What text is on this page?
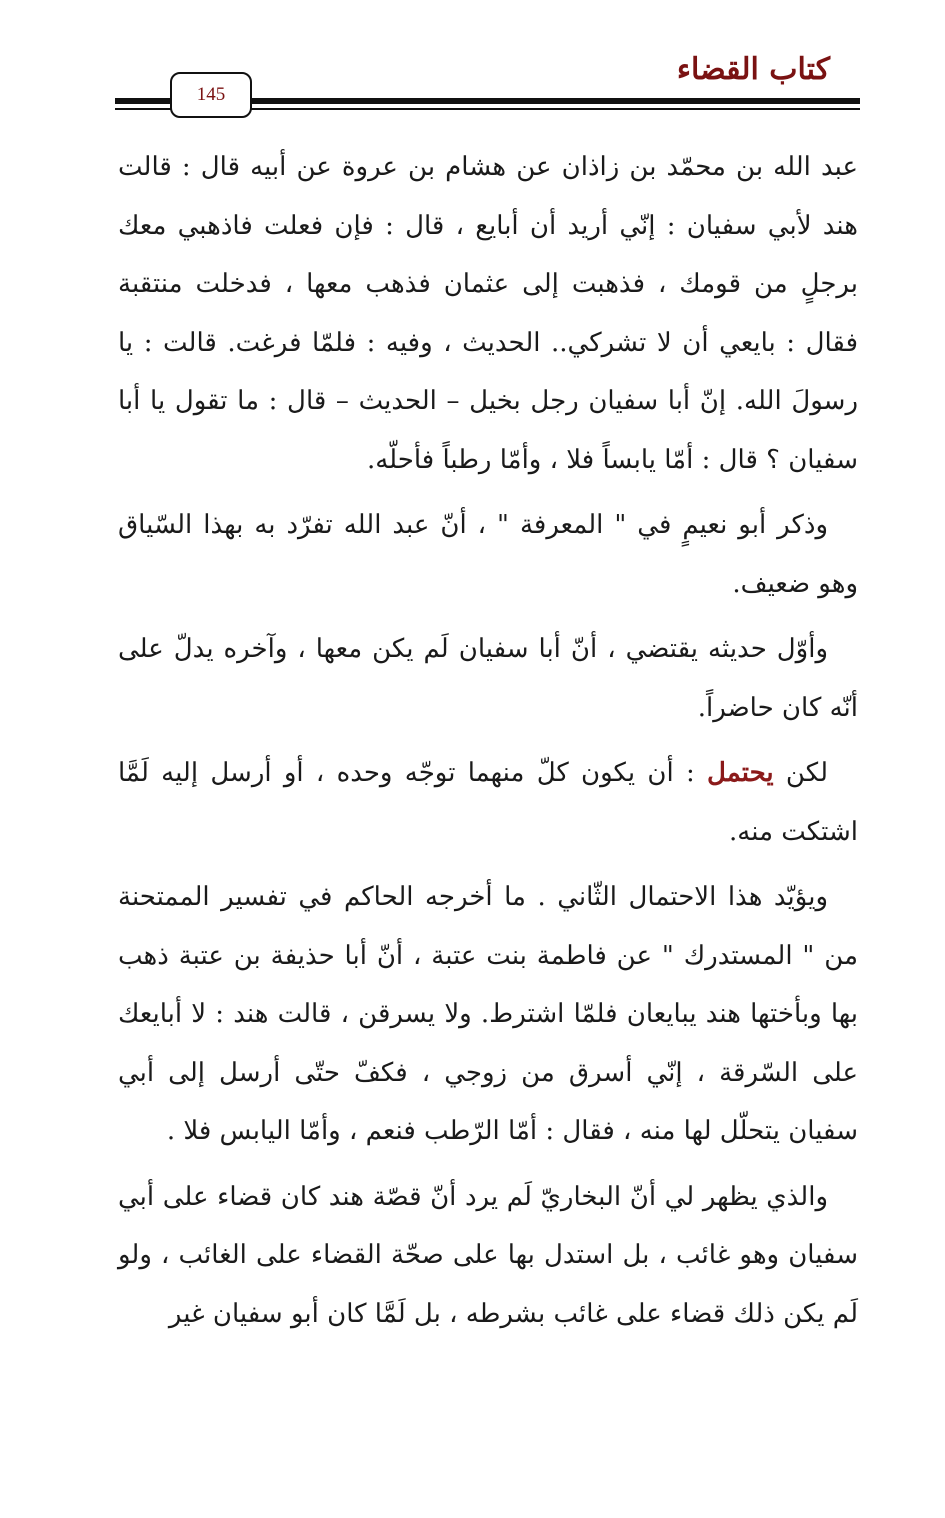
كتاب القضاء
145

عبد الله بن محمّد بن زاذان عن هشام بن عروة عن أبيه قال : قالت هند لأبي سفيان : إنّي أريد أن أبايع ، قال : فإن فعلت فاذهبي معك برجلٍ من قومك ، فذهبت إلى عثمان فذهب معها ، فدخلت منتقبة فقال : بايعي أن لا تشركي.. الحديث ، وفيه : فلمّا فرغت. قالت : يا رسولَ الله. إنّ أبا سفيان رجل بخيل – الحديث – قال : ما تقول يا أبا سفيان ؟ قال : أمّا يابساً فلا ، وأمّا رطباً فأحلّه.

وذكر أبو نعيمٍ في " المعرفة " ، أنّ عبد الله تفرّد به بهذا السّياق وهو ضعيف.

وأوّل حديثه يقتضي ، أنّ أبا سفيان لَم يكن معها ، وآخره يدلّ على أنّه كان حاضراً.

لكن يحتمل : أن يكون كلّ منهما توجّه وحده ، أو أرسل إليه لَمَّا اشتكت منه.

ويؤيّد هذا الاحتمال الثّاني . ما أخرجه الحاكم في تفسير الممتحنة من " المستدرك " عن فاطمة بنت عتبة ، أنّ أبا حذيفة بن عتبة ذهب بها وبأختها هند يبايعان فلمّا اشترط. ولا يسرقن ، قالت هند : لا أبايعك على السّرقة ، إنّي أسرق من زوجي ، فكفّ حتّى أرسل إلى أبي سفيان يتحلّل لها منه ، فقال : أمّا الرّطب فنعم ، وأمّا اليابس فلا .

والذي يظهر لي أنّ البخاريّ لَم يرد أنّ قصّة هند كان قضاء على أبي سفيان وهو غائب ، بل استدل بها على صحّة القضاء على الغائب ، ولو لَم يكن ذلك قضاء على غائب بشرطه ، بل لَمَّا كان أبو سفيان غير
